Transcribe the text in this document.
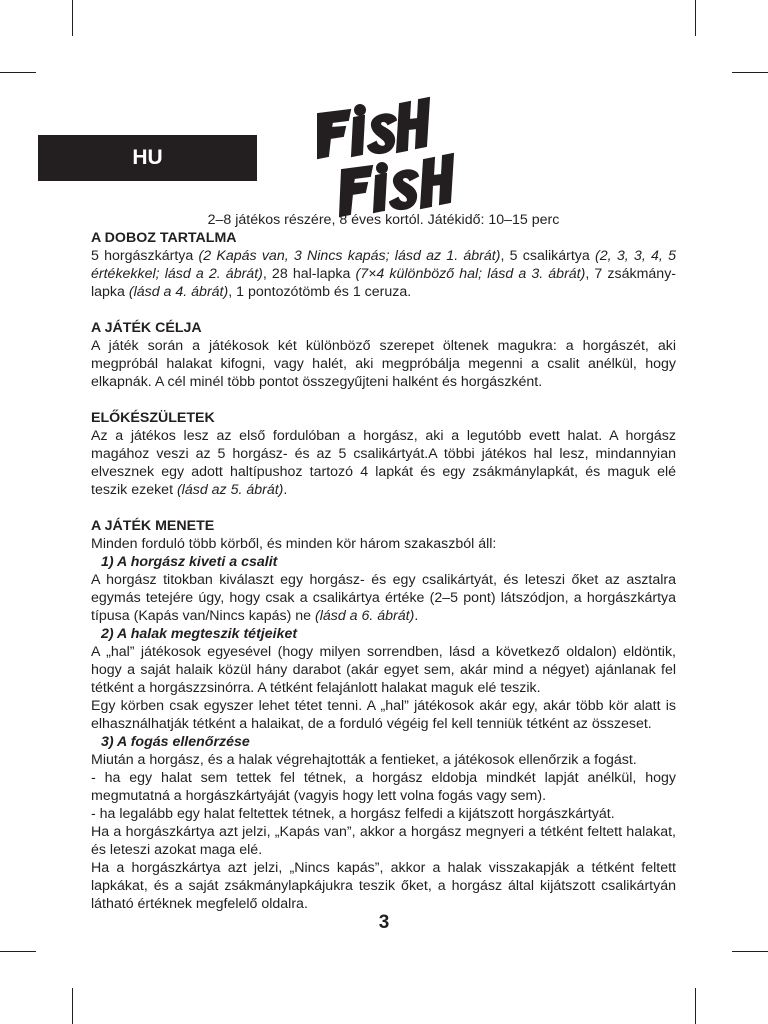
HU

2–8 játékos részére, 8 éves kortól. Játékidő: 10–15 perc

A DOBOZ TARTALMA

5 horgászkártya (2 Kapás van, 3 Nincs kapás; lásd az 1. ábrát), 5 csalikártya (2, 3, 3, 4, 5 értékekkel; lásd a 2. ábrát), 28 hal-lapka (7×4 különböző hal; lásd a 3. ábrát), 7 zsákmány-lapka (lásd a 4. ábrát), 1 pontozótömb és 1 ceruza.

A JÁTÉK CÉLJA

A játék során a játékosok két különböző szerepet öltenek magukra: a horgászét, aki megpróbál halakat kifogni, vagy halét, aki megpróbálja megenni a csalit anélkül, hogy elkapnák. A cél minél több pontot összegyűjteni halként és horgászként.

ELŐKÉSZÜLETEK

Az a játékos lesz az első fordulóban a horgász, aki a legutóbb evett halat. A horgász magához veszi az 5 horgász- és az 5 csalikártyát.A többi játékos hal lesz, mindannyian elvesznek egy adott haltípushoz tartozó 4 lapkát és egy zsákmánylapkát, és maguk elé teszik ezeket (lásd az 5. ábrát).

A JÁTÉK MENETE

Minden forduló több körből, és minden kör három szakaszból áll:

1) A horgász kiveti a csalit

A horgász titokban kiválaszt egy horgász- és egy csalikártyát, és leteszi őket az asztalra egymás tetejére úgy, hogy csak a csalikártya értéke (2–5 pont) látszódjon, a horgászkártya típusa (Kapás van/Nincs kapás) ne (lásd a 6. ábrát).

2) A halak megteszik tétjeiket

A „hal” játékosok egyesével (hogy milyen sorrendben, lásd a következő oldalon) eldöntik, hogy a saját halaik közül hány darabot (akár egyet sem, akár mind a négyet) ajánlanak fel tétként a horgászzsinórra. A tétként felajánlott halakat maguk elé teszik.

Egy körben csak egyszer lehet tétet tenni. A „hal” játékosok akár egy, akár több kör alatt is elhasználhatják tétként a halaikat, de a forduló végéig fel kell tenniük tétként az összeset.

3) A fogás ellenőrzése

Miután a horgász, és a halak végrehajtották a fentieket, a játékosok ellenőrzik a fogást.

- ha egy halat sem tettek fel tétnek, a horgász eldobja mindkét lapját anélkül, hogy megmutatná a horgászkártyáját (vagyis hogy lett volna fogás vagy sem).

- ha legalább egy halat feltettek tétnek, a horgász felfedi a kijátszott horgászkártyát.

Ha a horgászkártya azt jelzi, „Kapás van”, akkor a horgász megnyeri a tétként feltett halakat, és leteszi azokat maga elé.

Ha a horgászkártya azt jelzi, „Nincs kapás”, akkor a halak visszakapják a tétként feltett lapkákat, és a saját zsákmánylapkájukra teszik őket, a horgász által kijátszott csalikártyán látható értéknek megfelelő oldalra.

3
